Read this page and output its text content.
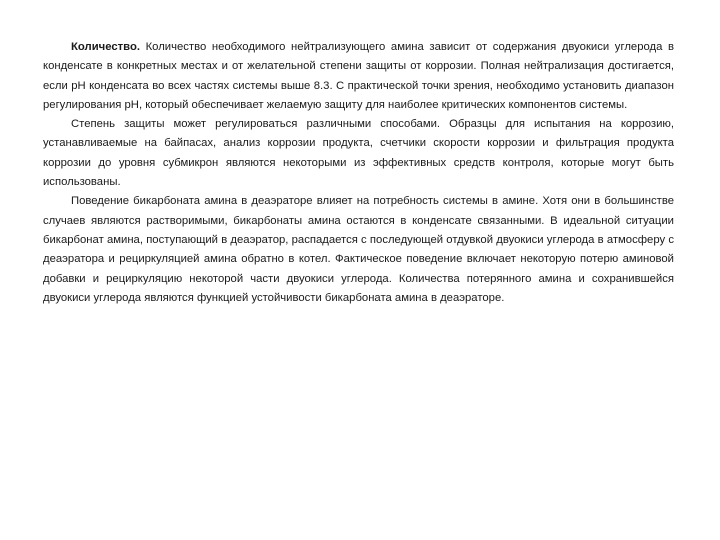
Количество. Количество необходимого нейтрализующего амина зависит от содержания двуокиси углерода в конденсате в конкретных местах и от желательной степени защиты от коррозии. Полная нейтрализация достигается, если рН конденсата во всех частях системы выше 8.3. С практической точки зрения, необходимо установить диапазон регулирования рН, который обеспечивает желаемую защиту для наиболее критических компонентов системы.

Степень защиты может регулироваться различными способами. Образцы для испытания на коррозию, устанавливаемые на байпасах, анализ коррозии продукта, счетчики скорости коррозии и фильтрация продукта коррозии до уровня субмикрон являются некоторыми из эффективных средств контроля, которые могут быть использованы.

Поведение бикарбоната амина в деаэраторе влияет на потребность системы в амине. Хотя они в большинстве случаев являются растворимыми, бикарбонаты амина остаются в конденсате связанными. В идеальной ситуации бикарбонат амина, поступающий в деаэратор, распадается с последующей отдувкой двуокиси углерода в атмосферу с деаэратора и рециркуляцией амина обратно в котел. Фактическое поведение включает некоторую потерю аминовой добавки и рециркуляцию некоторой части двуокиси углерода. Количества потерянного амина и сохранившейся двуокиси углерода являются функцией устойчивости бикарбоната амина в деаэраторе.
